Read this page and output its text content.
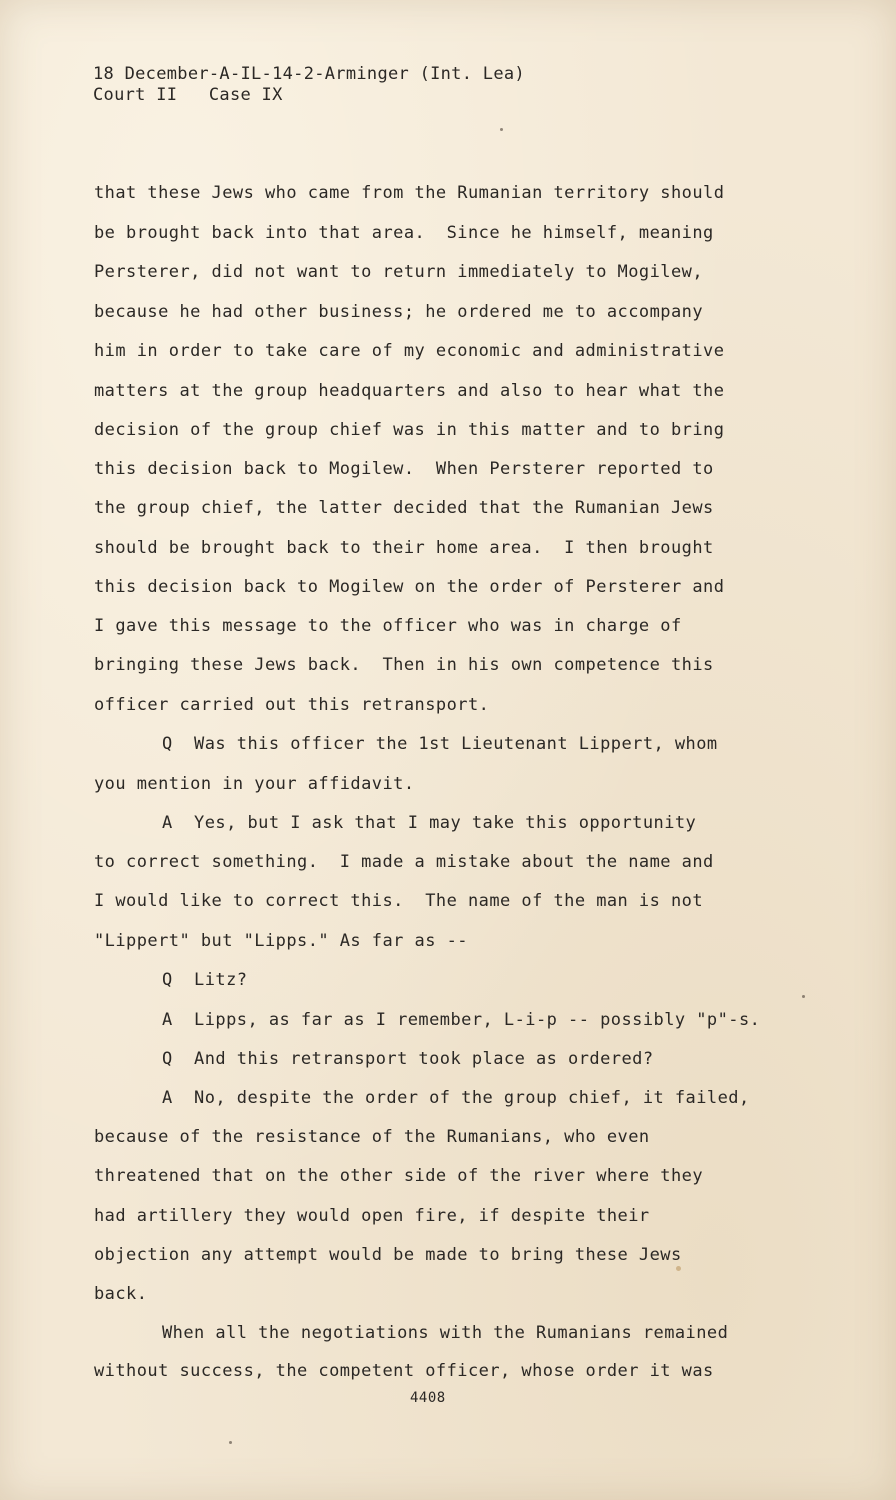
18 December-A-IL-14-2-Arminger (Int. Lea)
Court II   Case IX
that these Jews who came from the Rumanian territory should
be brought back into that area.  Since he himself, meaning
Persterer, did not want to return immediately to Mogilew,
because he had other business; he ordered me to accompany
him in order to take care of my economic and administrative
matters at the group headquarters and also to hear what the
decision of the group chief was in this matter and to bring
this decision back to Mogilew.  When Persterer reported to
the group chief, the latter decided that the Rumanian Jews
should be brought back to their home area.  I then brought
this decision back to Mogilew on the order of Persterer and
I gave this message to the officer who was in charge of
bringing these Jews back.  Then in his own competence this
officer carried out this retransport.
Q  Was this officer the 1st Lieutenant Lippert, whom
you mention in your affidavit.
A  Yes, but I ask that I may take this opportunity
to correct something.  I made a mistake about the name and
I would like to correct this.  The name of the man is not
"Lippert" but "Lipps." As far as --
Q  Litz?
A  Lipps, as far as I remember, L-i-p -- possibly "p"-s.
Q  And this retransport took place as ordered?
A  No, despite the order of the group chief, it failed,
because of the resistance of the Rumanians, who even
threatened that on the other side of the river where they
had artillery they would open fire, if despite their
objection any attempt would be made to bring these Jews
back.
When all the negotiations with the Rumanians remained
without success, the competent officer, whose order it was
4408
